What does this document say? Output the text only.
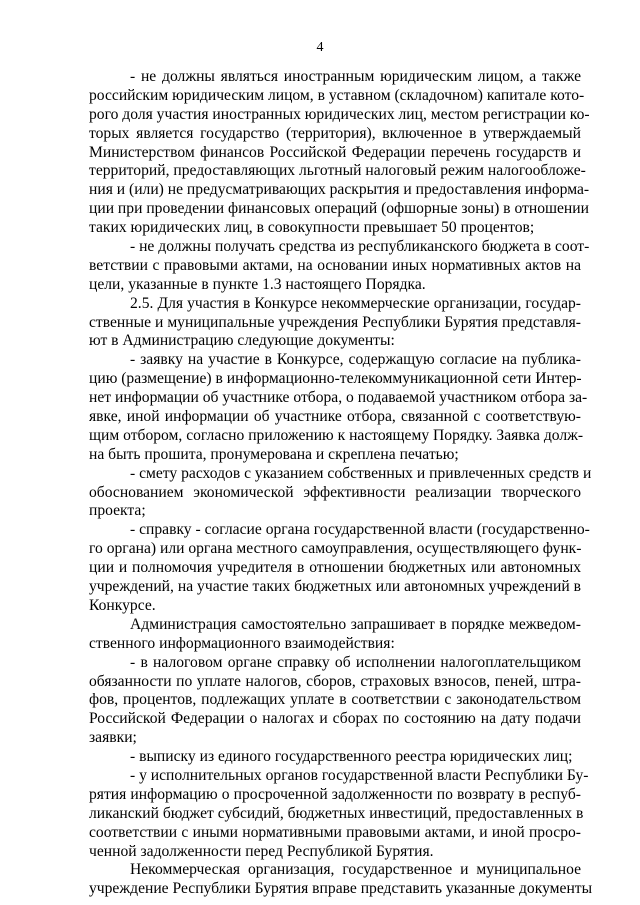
4
- не должны являться иностранным юридическим лицом, а также
российским юридическим лицом, в уставном (складочном) капитале кото-
рого доля участия иностранных юридических лиц, местом регистрации ко-
торых является государство (территория), включенное в утверждаемый
Министерством финансов Российской Федерации перечень государств и
территорий, предоставляющих льготный налоговый режим налогообложе-
ния и (или) не предусматривающих раскрытия и предоставления информа-
ции при проведении финансовых операций (офшорные зоны) в отношении
таких юридических лиц, в совокупности превышает 50 процентов;
- не должны получать средства из республиканского бюджета в соот-
ветствии с правовыми актами, на основании иных нормативных актов на
цели, указанные в пункте 1.3 настоящего Порядка.
2.5. Для участия в Конкурсе некоммерческие организации, государ-
ственные и муниципальные учреждения Республики Бурятия представля-
ют в Администрацию следующие документы:
- заявку на участие в Конкурсе, содержащую согласие на публика-
цию (размещение) в информационно-телекоммуникационной сети Интер-
нет информации об участнике отбора, о подаваемой участником отбора за-
явке, иной информации об участнике отбора, связанной с соответствую-
щим отбором, согласно приложению к настоящему Порядку. Заявка долж-
на быть прошита, пронумерована и скреплена печатью;
- смету расходов с указанием собственных и привлеченных средств и
обоснованием экономической эффективности реализации творческого
проекта;
- справку - согласие органа государственной власти (государственно-
го органа) или органа местного самоуправления, осуществляющего функ-
ции и полномочия учредителя в отношении бюджетных или автономных
учреждений, на участие таких бюджетных или автономных учреждений в
Конкурсе.
Администрация самостоятельно запрашивает в порядке межведом-
ственного информационного взаимодействия:
- в налоговом органе справку об исполнении налогоплательщиком
обязанности по уплате налогов, сборов, страховых взносов, пеней, штра-
фов, процентов, подлежащих уплате в соответствии с законодательством
Российской Федерации о налогах и сборах по состоянию на дату подачи
заявки;
- выписку из единого государственного реестра юридических лиц;
- у исполнительных органов государственной власти Республики Бу-
рятия информацию о просроченной задолженности по возврату в респуб-
ликанский бюджет субсидий, бюджетных инвестиций, предоставленных в
соответствии с иными нормативными правовыми актами, и иной просро-
ченной задолженности перед Республикой Бурятия.
Некоммерческая организация, государственное и муниципальное
учреждение Республики Бурятия вправе представить указанные документы
